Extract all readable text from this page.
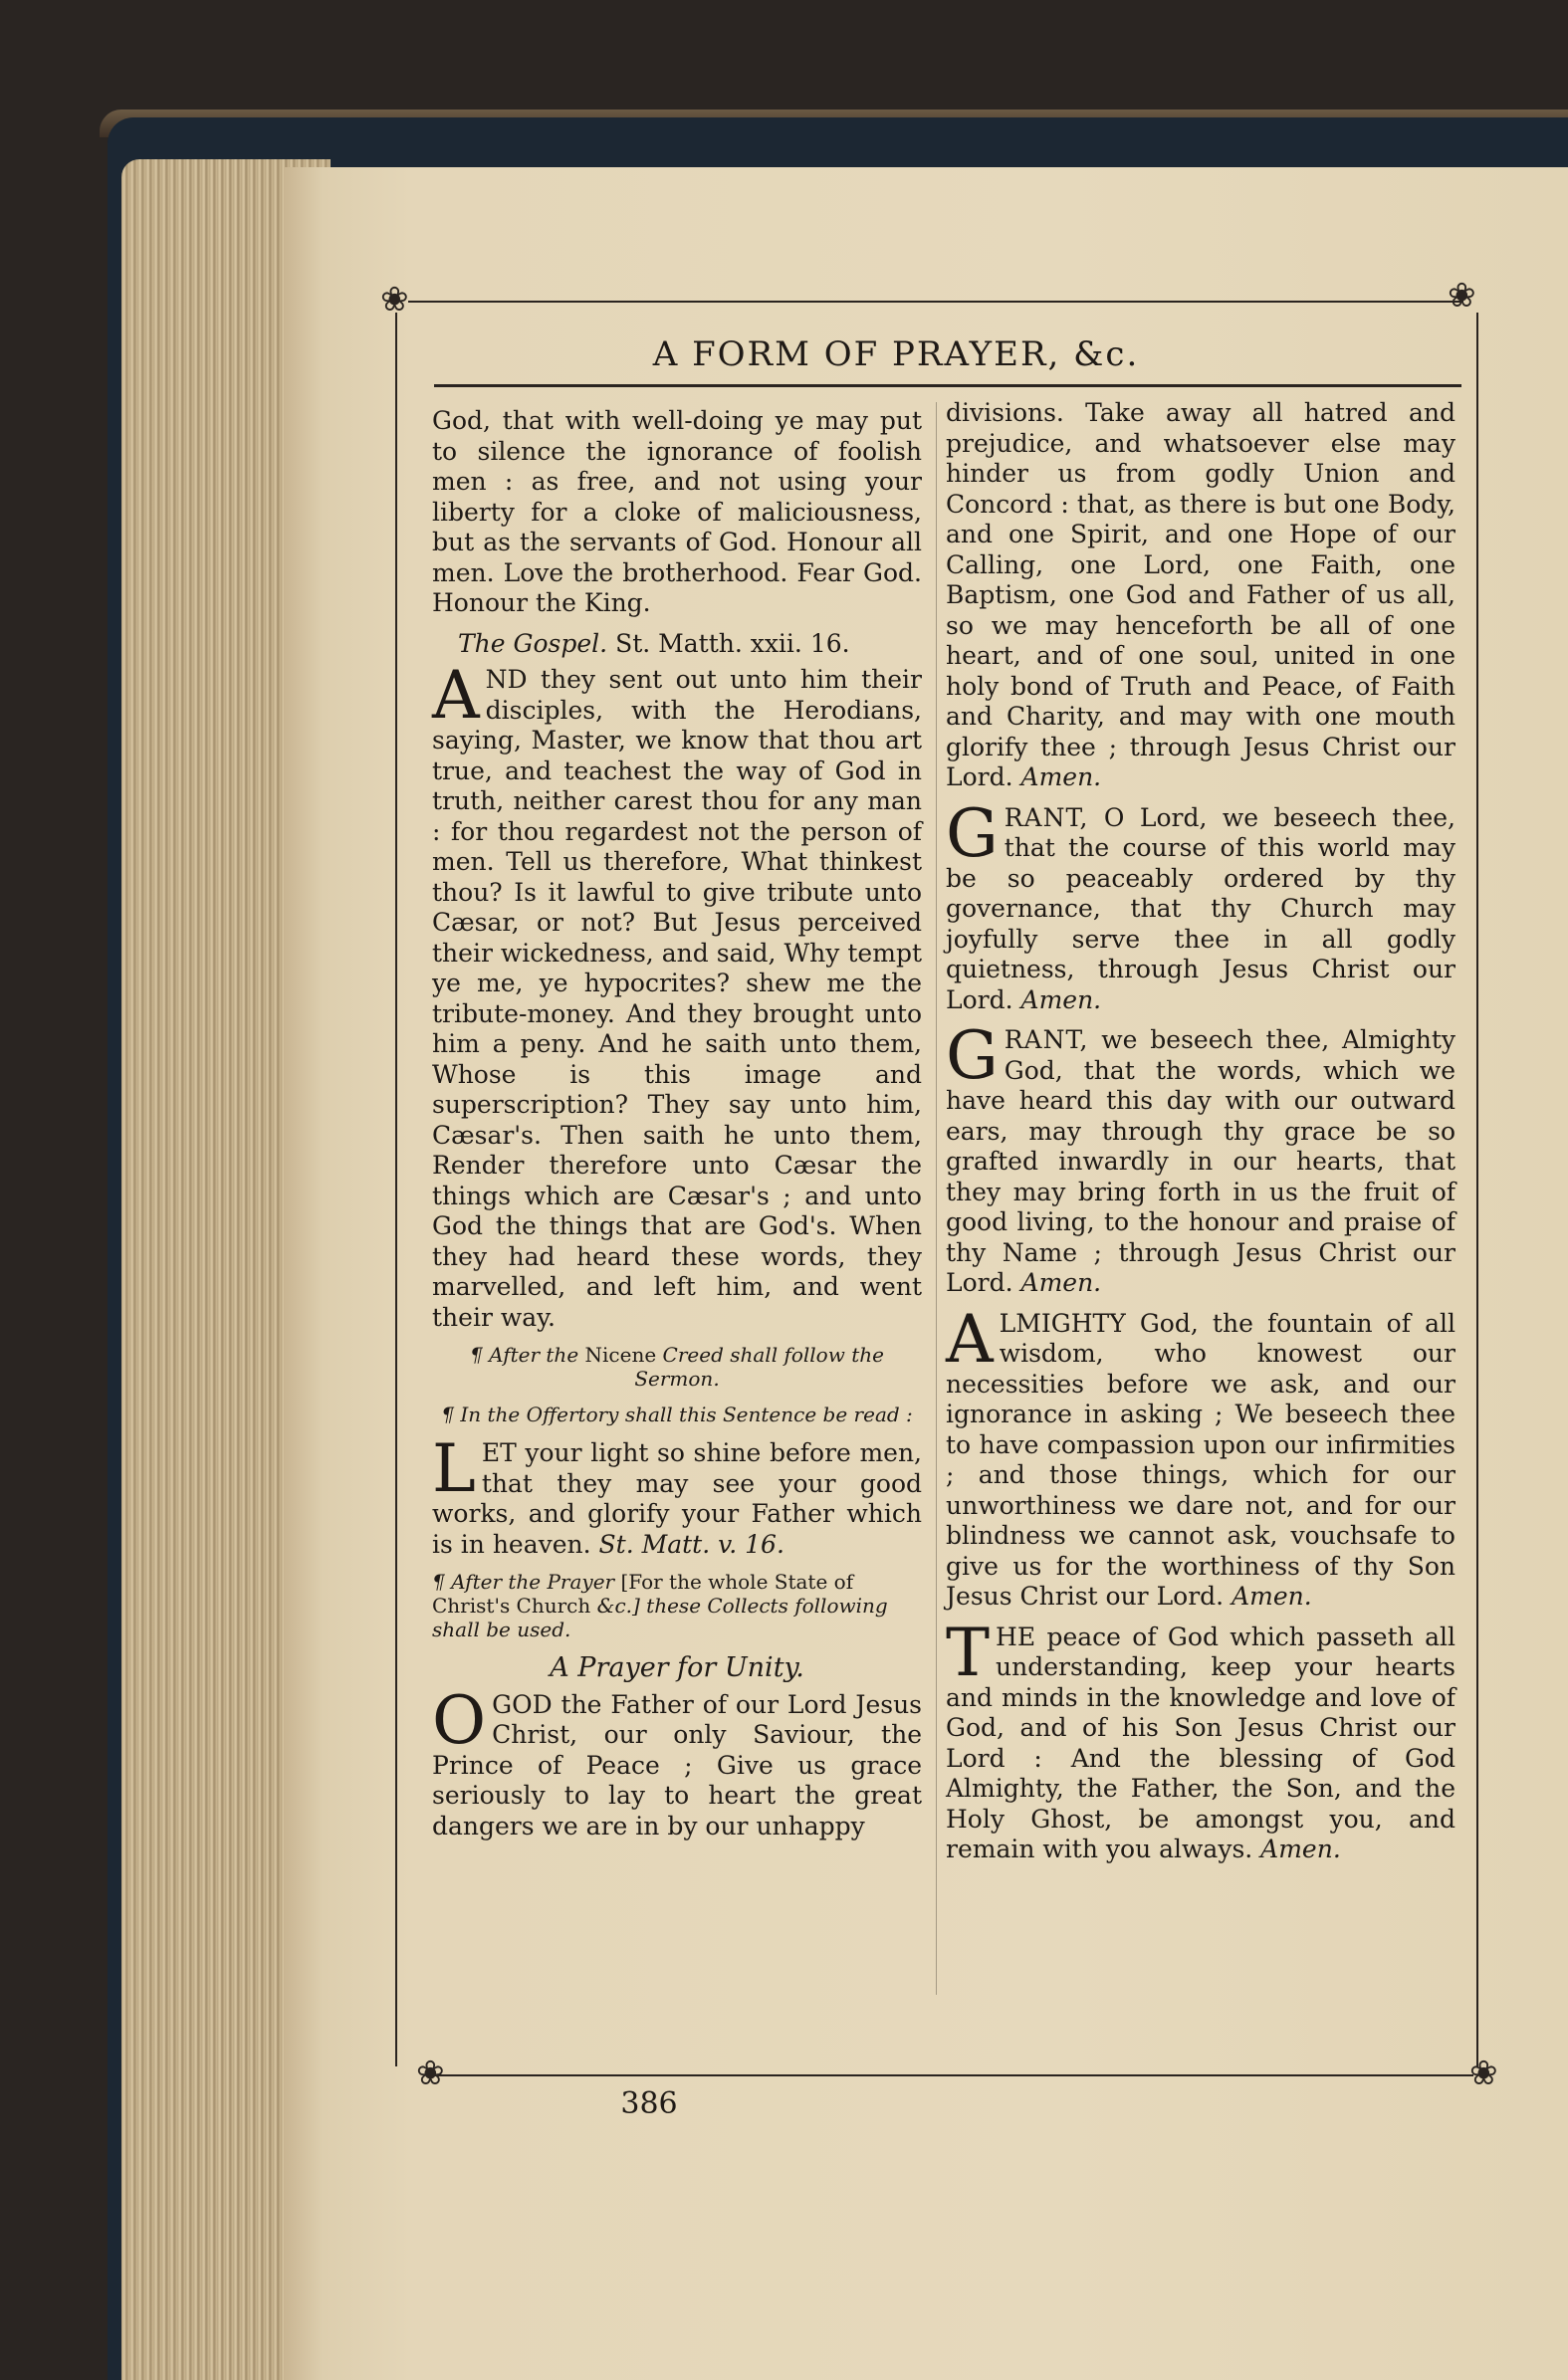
❀	❀
❀	❀
A FORM OF PRAYER, &c.

God, that with well-doing ye may put to silence the ignorance of foolish men : as free, and not using your liberty for a cloke of maliciousness, but as the servants of God. Honour all men. Love the brotherhood. Fear God. Honour the King.

The Gospel. St. Matth. xxii. 16.

A ND they sent out unto him their disciples, with the Herodians, saying, Master, we know that thou art true, and teachest the way of God in truth, neither carest thou for any man : for thou regardest not the person of men. Tell us therefore, What thinkest thou? Is it lawful to give tribute unto Cæsar, or not? But Jesus perceived their wickedness, and said, Why tempt ye me, ye hypocrites? shew me the tribute-money. And they brought unto him a peny. And he saith unto them, Whose is this image and superscription? They say unto him, Cæsar's. Then saith he unto them, Render therefore unto Cæsar the things which are Cæsar's ; and unto God the things that are God's. When they had heard these words, they marvelled, and left him, and went their way.

¶ After the Nicene Creed shall follow the Sermon.

¶ In the Offertory shall this Sentence be read :

L ET your light so shine before men, that they may see your good works, and glorify your Father which is in heaven. St. Matt. v. 16.

¶ After the Prayer [For the whole State of Christ's Church &c.] these Collects following shall be used.

A Prayer for Unity.

O GOD the Father of our Lord Jesus Christ, our only Saviour, the Prince of Peace ; Give us grace seriously to lay to heart the great dangers we are in by our unhappy

divisions. Take away all hatred and prejudice, and whatsoever else may hinder us from godly Union and Concord : that, as there is but one Body, and one Spirit, and one Hope of our Calling, one Lord, one Faith, one Baptism, one God and Father of us all, so we may henceforth be all of one heart, and of one soul, united in one holy bond of Truth and Peace, of Faith and Charity, and may with one mouth glorify thee ; through Jesus Christ our Lord. Amen.

G RANT, O Lord, we beseech thee, that the course of this world may be so peaceably ordered by thy governance, that thy Church may joyfully serve thee in all godly quietness, through Jesus Christ our Lord. Amen.

G RANT, we beseech thee, Almighty God, that the words, which we have heard this day with our outward ears, may through thy grace be so grafted inwardly in our hearts, that they may bring forth in us the fruit of good living, to the honour and praise of thy Name ; through Jesus Christ our Lord. Amen.

A LMIGHTY God, the fountain of all wisdom, who knowest our necessities before we ask, and our ignorance in asking ; We beseech thee to have compassion upon our infirmities ; and those things, which for our unworthiness we dare not, and for our blindness we cannot ask, vouchsafe to give us for the worthiness of thy Son Jesus Christ our Lord. Amen.

T HE peace of God which passeth all understanding, keep your hearts and minds in the knowledge and love of God, and of his Son Jesus Christ our Lord : And the blessing of God Almighty, the Father, the Son, and the Holy Ghost, be amongst you, and remain with you always. Amen.

386
